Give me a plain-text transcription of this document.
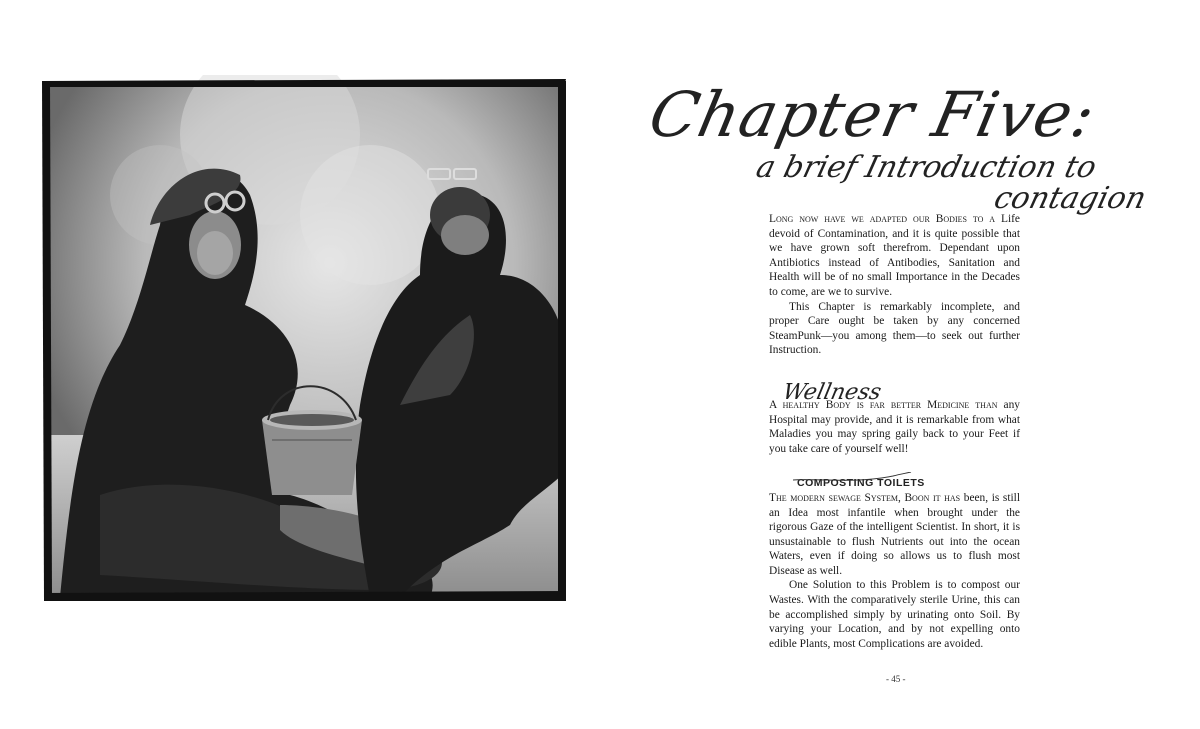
Chapter Five:
a brief Introduction to
contagion

Long now have we adapted our Bodies to a Life devoid of Contamination, and it is quite possible that we have grown soft therefrom. Dependant upon Antibiotics instead of Antibodies, Sanitation and Health will be of no small Importance in the Decades to come, are we to survive.

This Chapter is remarkably incomplete, and proper Care ought be taken by any concerned SteamPunk—you among them—to seek out further Instruction.

Wellness

A healthy Body is far better Medicine than any Hospital may provide, and it is remarkable from what Maladies you may spring gaily back to your Feet if you take care of yourself well!

COMPOSTING TOILETS

The modern sewage System, Boon it has been, is still an Idea most infantile when brought under the rigorous Gaze of the intelligent Scientist. In short, it is unsustainable to flush Nutrients out into the ocean Waters, even if doing so allows us to flush most Disease as well.

One Solution to this Problem is to compost our Wastes. With the comparatively sterile Urine, this can be accomplished simply by urinating onto Soil. By varying your Location, and by not expelling onto edible Plants, most Complications are avoided.

- 45 -
